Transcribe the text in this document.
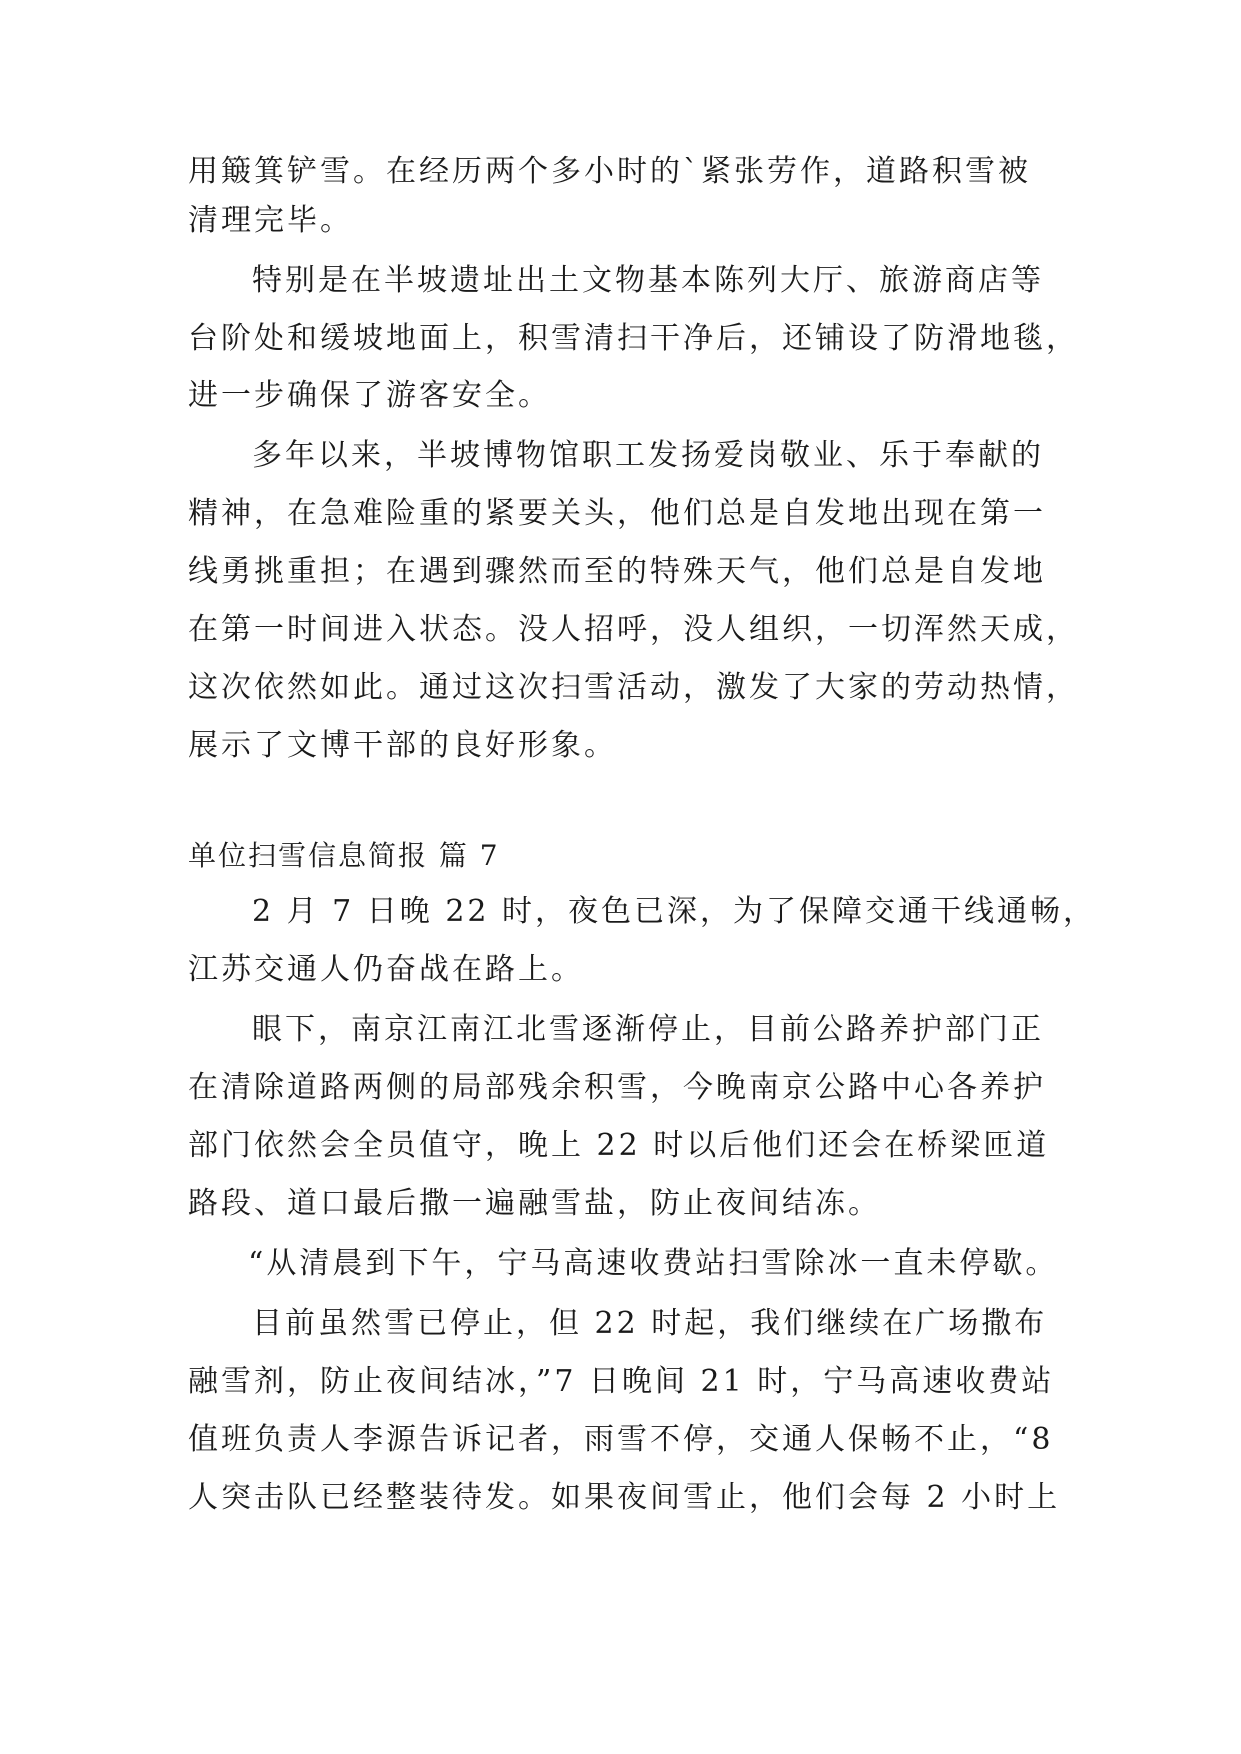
用簸箕铲雪。在经历两个多小时的`紧张劳作，道路积雪被
清理完毕。
特别是在半坡遗址出土文物基本陈列大厅、旅游商店等
台阶处和缓坡地面上，积雪清扫干净后，还铺设了防滑地毯，
进一步确保了游客安全。
多年以来，半坡博物馆职工发扬爱岗敬业、乐于奉献的
精神，在急难险重的紧要关头，他们总是自发地出现在第一
线勇挑重担；在遇到骤然而至的特殊天气，他们总是自发地
在第一时间进入状态。没人招呼，没人组织，一切浑然天成，
这次依然如此。通过这次扫雪活动，激发了大家的劳动热情，
展示了文博干部的良好形象。
单位扫雪信息简报 篇 7
2 月 7 日晚 22 时，夜色已深，为了保障交通干线通畅，
江苏交通人仍奋战在路上。
眼下，南京江南江北雪逐渐停止，目前公路养护部门正
在清除道路两侧的局部残余积雪，今晚南京公路中心各养护
部门依然会全员值守，晚上 22 时以后他们还会在桥梁匝道
路段、道口最后撒一遍融雪盐，防止夜间结冻。
“从清晨到下午，宁马高速收费站扫雪除冰一直未停歇。
目前虽然雪已停止，但 22 时起，我们继续在广场撒布
融雪剂，防止夜间结冰，”7 日晚间 21 时，宁马高速收费站
值班负责人李源告诉记者，雨雪不停，交通人保畅不止，“8
人突击队已经整装待发。如果夜间雪止，他们会每 2 小时上
